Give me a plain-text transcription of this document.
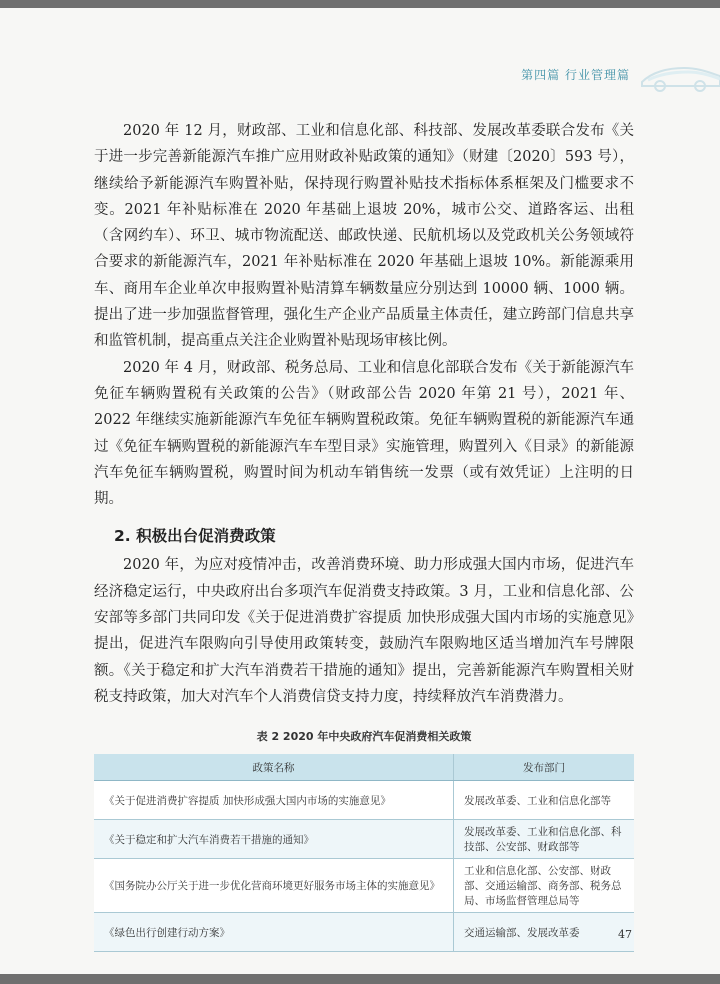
第四篇 行业管理篇

2020 年 12 月，财政部、工业和信息化部、科技部、发展改革委联合发布《关于进一步完善新能源汽车推广应用财政补贴政策的通知》（财建〔2020〕593 号），继续给予新能源汽车购置补贴，保持现行购置补贴技术指标体系框架及门槛要求不变。2021 年补贴标准在 2020 年基础上退坡 20%，城市公交、道路客运、出租（含网约车）、环卫、城市物流配送、邮政快递、民航机场以及党政机关公务领域符合要求的新能源汽车，2021 年补贴标准在 2020 年基础上退坡 10%。新能源乘用车、商用车企业单次申报购置补贴清算车辆数量应分别达到 10000 辆、1000 辆。提出了进一步加强监督管理，强化生产企业产品质量主体责任，建立跨部门信息共享和监管机制，提高重点关注企业购置补贴现场审核比例。

2020 年 4 月，财政部、税务总局、工业和信息化部联合发布《关于新能源汽车免征车辆购置税有关政策的公告》（财政部公告 2020 年第 21 号），2021 年、2022 年继续实施新能源汽车免征车辆购置税政策。免征车辆购置税的新能源汽车通过《免征车辆购置税的新能源汽车车型目录》实施管理，购置列入《目录》的新能源汽车免征车辆购置税，购置时间为机动车销售统一发票（或有效凭证）上注明的日期。

2. 积极出台促消费政策

2020 年，为应对疫情冲击，改善消费环境、助力形成强大国内市场，促进汽车经济稳定运行，中央政府出台多项汽车促消费支持政策。3 月，工业和信息化部、公安部等多部门共同印发《关于促进消费扩容提质 加快形成强大国内市场的实施意见》提出，促进汽车限购向引导使用政策转变，鼓励汽车限购地区适当增加汽车号牌限额。《关于稳定和扩大汽车消费若干措施的通知》提出，完善新能源汽车购置相关财税支持政策，加大对汽车个人消费信贷支持力度，持续释放汽车消费潜力。

表 2 2020 年中央政府汽车促消费相关政策
政策名称	发布部门
《关于促进消费扩容提质 加快形成强大国内市场的实施意见》	发展改革委、工业和信息化部等
《关于稳定和扩大汽车消费若干措施的通知》	发展改革委、工业和信息化部、科技部、公安部、财政部等
《国务院办公厅关于进一步优化营商环境更好服务市场主体的实施意见》	工业和信息化部、公安部、财政部、交通运输部、商务部、税务总局、市场监督管理总局等
《绿色出行创建行动方案》	交通运输部、发展改革委	47
